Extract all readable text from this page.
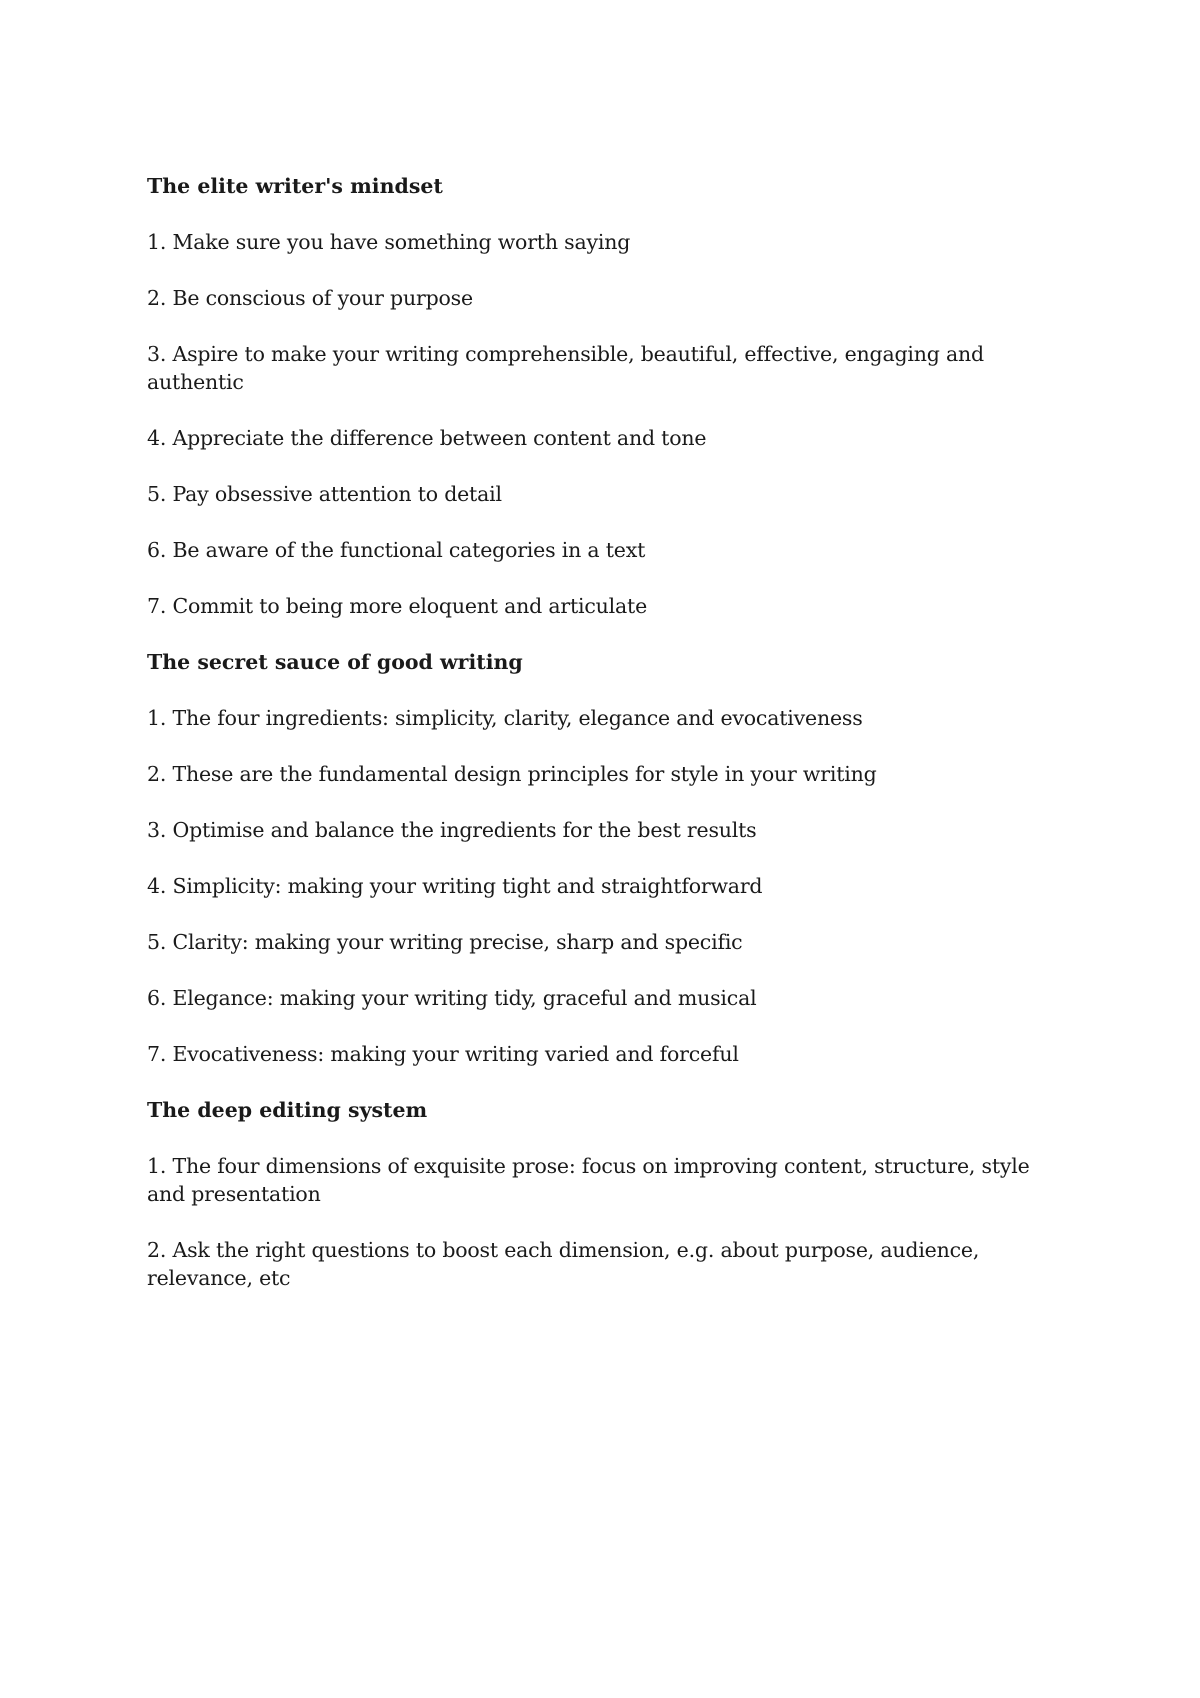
The elite writer's mindset

1. Make sure you have something worth saying

2. Be conscious of your purpose

3. Aspire to make your writing comprehensible, beautiful, effective, engaging and authentic

4. Appreciate the difference between content and tone

5. Pay obsessive attention to detail

6. Be aware of the functional categories in a text

7. Commit to being more eloquent and articulate

The secret sauce of good writing

1. The four ingredients: simplicity, clarity, elegance and evocativeness

2. These are the fundamental design principles for style in your writing

3. Optimise and balance the ingredients for the best results

4. Simplicity: making your writing tight and straightforward

5. Clarity: making your writing precise, sharp and specific

6. Elegance: making your writing tidy, graceful and musical

7. Evocativeness: making your writing varied and forceful

The deep editing system

1. The four dimensions of exquisite prose: focus on improving content, structure, style and presentation

2. Ask the right questions to boost each dimension, e.g. about purpose, audience, relevance, etc
